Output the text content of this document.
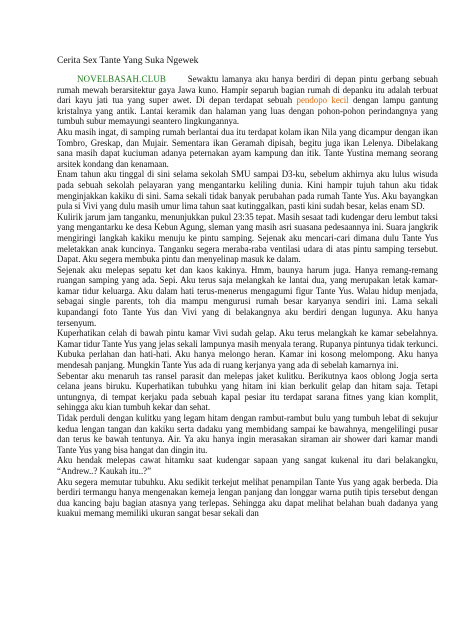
Cerita Sex Tante Yang Suka Ngewek

NOVELBASAH.CLUB Sewaktu lamanya aku hanya berdiri di depan pintu gerbang sebuah rumah mewah berarsitektur gaya Jawa kuno. Hampir separuh bagian rumah di depanku itu adalah terbuat dari kayu jati tua yang super awet. Di depan terdapat sebuah pendopo kecil dengan lampu gantung kristalnya yang antik. Lantai keramik dan halaman yang luas dengan pohon-pohon perindangnya yang tumbuh subur memayungi seantero lingkungannya.

Aku masih ingat, di samping rumah berlantai dua itu terdapat kolam ikan Nila yang dicampur dengan ikan Tombro, Greskap, dan Mujair. Sementara ikan Geramah dipisah, begitu juga ikan Lelenya. Dibelakang sana masih dapat kuciuman adanya peternakan ayam kampung dan itik. Tante Yustina memang seorang arsitek kondang dan kenamaan.

Enam tahun aku tinggal di sini selama sekolah SMU sampai D3-ku, sebelum akhirnya aku lulus wisuda pada sebuah sekolah pelayaran yang mengantarku keliling dunia. Kini hampir tujuh tahun aku tidak menginjakkan kakiku di sini. Sama sekali tidak banyak perubahan pada rumah Tante Yus. Aku bayangkan pula si Vivi yang dulu masih umur lima tahun saat kutinggalkan, pasti kini sudah besar, kelas enam SD.

Kulirik jarum jam tanganku, menunjukkan pukul 23:35 tepat. Masih sesaat tadi kudengar deru lembut taksi yang mengantarku ke desa Kebun Agung, sleman yang masih asri suasana pedesaannya ini. Suara jangkrik mengiringi langkah kakiku menuju ke pintu samping. Sejenak aku mencari-cari dimana dulu Tante Yus meletakkan anak kuncinya. Tanganku segera meraba-raba ventilasi udara di atas pintu samping tersebut. Dapat. Aku segera membuka pintu dan menyelinap masuk ke dalam.

Sejenak aku melepas sepatu ket dan kaos kakinya. Hmm, baunya harum juga. Hanya remang-remang ruangan samping yang ada. Sepi. Aku terus saja melangkah ke lantai dua, yang merupakan letak kamar-kamar tidur keluarga. Aku dalam hati terus-menerus mengagumi figur Tante Yus. Walau hidup menjada, sebagai single parents, toh dia mampu mengurusi rumah besar karyanya sendiri ini. Lama sekali kupandangi foto Tante Yus dan Vivi yang di belakangnya aku berdiri dengan lugunya. Aku hanya tersenyum.

Kuperhatikan celah di bawah pintu kamar Vivi sudah gelap. Aku terus melangkah ke kamar sebelahnya. Kamar tidur Tante Yus yang jelas sekali lampunya masih menyala terang. Rupanya pintunya tidak terkunci. Kubuka perlahan dan hati-hati. Aku hanya melongo heran. Kamar ini kosong melompong. Aku hanya mendesah panjang. Mungkin Tante Yus ada di ruang kerjanya yang ada di sebelah kamarnya ini.

Sebentar aku menaruh tas ransel parasit dan melepas jaket kulitku. Berikutnya kaos oblong Jogja serta celana jeans biruku. Kuperhatikan tubuhku yang hitam ini kian berkulit gelap dan hitam saja. Tetapi untungnya, di tempat kerjaku pada sebuah kapal pesiar itu terdapat sarana fitnes yang kian komplit, sehingga aku kian tumbuh kekar dan sehat.

Tidak perduli dengan kulitku yang legam hitam dengan rambut-rambut bulu yang tumbuh lebat di sekujur kedua lengan tangan dan kakiku serta dadaku yang membidang sampai ke bawahnya, mengelilingi pusar dan terus ke bawah tentunya. Air. Ya aku hanya ingin merasakan siraman air shower dari kamar mandi Tante Yus yang bisa hangat dan dingin itu.

Aku hendak melepas cawat hitamku saat kudengar sapaan yang sangat kukenal itu dari belakangku, “Andrew..? Kaukah itu..?”

Aku segera memutar tubuhku. Aku sedikit terkejut melihat penampilan Tante Yus yang agak berbeda. Dia berdiri termangu hanya mengenakan kemeja lengan panjang dan longgar warna putih tipis tersebut dengan dua kancing baju bagian atasnya yang terlepas. Sehingga aku dapat melihat belahan buah dadanya yang kuakui memang memiliki ukuran sangat besar sekali dan
